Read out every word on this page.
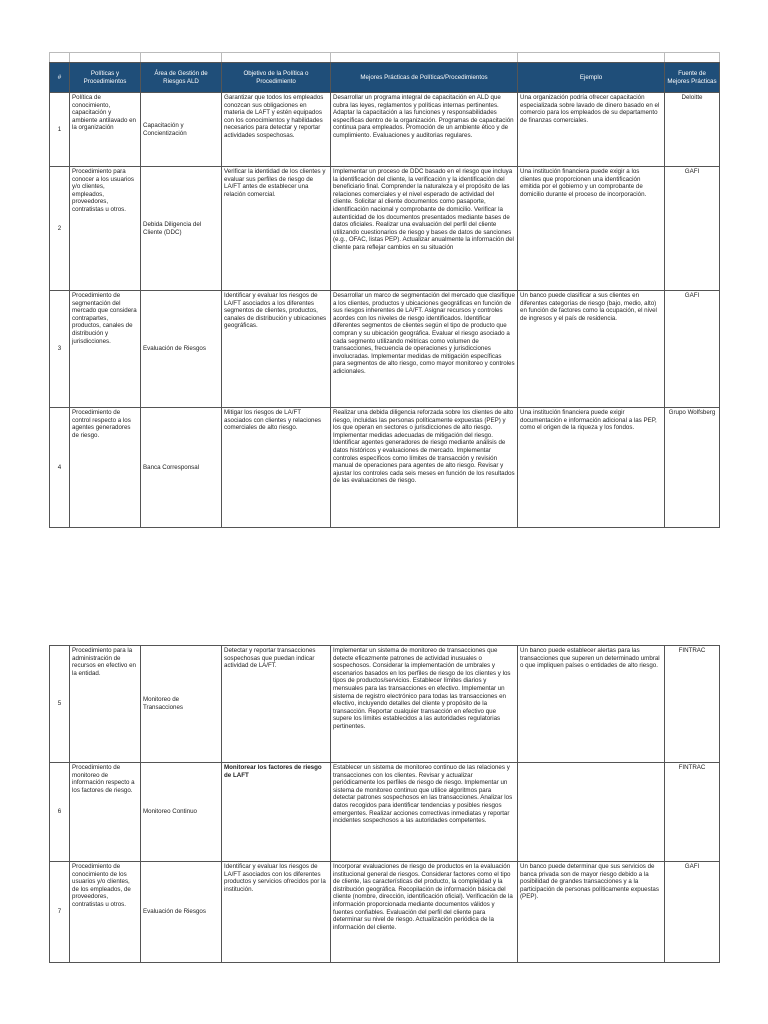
#	Políticas y Procedimientos	Área de Gestión de Riesgos ALD	Objetivo de la Política o Procedimiento	Mejores Prácticas de Políticas/Procedimientos	Ejemplo	Fuente de Mejores Prácticas
1	Política de conocimiento, capacitación y ambiente antilavado en la organización	Capacitación y Concientización	Garantizar que todos los empleados conozcan sus obligaciones en materia de LAFT y estén equipados con los conocimientos y habilidades necesarios para detectar y reportar actividades sospechosas.	Desarrollar un programa integral de capacitación en ALD que cubra las leyes, reglamentos y políticas internas pertinentes. Adaptar la capacitación a las funciones y responsabilidades específicas dentro de la organización. Programas de capacitación continua para empleados. Promoción de un ambiente ético y de cumplimiento. Evaluaciones y auditorias regulares.	Una organización podría ofrecer capacitación especializada sobre lavado de dinero basado en el comercio para los empleados de su departamento de finanzas comerciales.	Deloitte
2	Procedimiento para conocer a los usuarios y/o clientes, empleados, proveedores, contratistas u otros.	Debida Diligencia del Cliente (DDC)	Verificar la identidad de los clientes y evaluar sus perfiles de riesgo de LA/FT antes de establecer una relación comercial.	Implementar un proceso de DDC basado en el riesgo que incluya la identificación del cliente, la verificación y la identificación del beneficiario final. Comprender la naturaleza y el propósito de las relaciones comerciales y el nivel esperado de actividad del cliente. Solicitar al cliente documentos como pasaporte, identificación nacional y comprobante de domicilio. Verificar la autenticidad de los documentos presentados mediante bases de datos oficiales. Realizar una evaluación del perfil del cliente utilizando cuestionarios de riesgo y bases de datos de sanciones (e.g., OFAC, listas PEP). Actualizar anualmente la información del cliente para reflejar cambios en su situación	Una institución financiera puede exigir a los clientes que proporcionen una identificación emitida por el gobierno y un comprobante de domicilio durante el proceso de incorporación.	GAFI
3	Procedimiento de segmentación del mercado que considera contrapartes, productos, canales de distribución y jurisdicciones.	Evaluación de Riesgos	Identificar y evaluar los riesgos de LA/FT asociados a los diferentes segmentos de clientes, productos, canales de distribución y ubicaciones geográficas.	Desarrollar un marco de segmentación del mercado que clasifique a los clientes, productos y ubicaciones geográficas en función de sus riesgos inherentes de LA/FT. Asignar recursos y controles acordes con los niveles de riesgo identificados. Identificar diferentes segmentos de clientes según el tipo de producto que compran y su ubicación geográfica. Evaluar el riesgo asociado a cada segmento utilizando métricas como volumen de transacciones, frecuencia de operaciones y jurisdicciones involucradas. Implementar medidas de mitigación específicas para segmentos de alto riesgo, como mayor monitoreo y controles adicionales.	Un banco puede clasificar a sus clientes en diferentes categorías de riesgo (bajo, medio, alto) en función de factores como la ocupación, el nivel de ingresos y el país de residencia.	GAFI
4	Procedimiento de control respecto a los agentes generadores de riesgo.	Banca Corresponsal	Mitigar los riesgos de LA/FT asociados con clientes y relaciones comerciales de alto riesgo.	Realizar una debida diligencia reforzada sobre los clientes de alto riesgo, incluidas las personas políticamente expuestas (PEP) y los que operan en sectores o jurisdicciones de alto riesgo. Implementar medidas adecuadas de mitigación del riesgo. Identificar agentes generadores de riesgo mediante análisis de datos históricos y evaluaciones de mercado. Implementar controles específicos como límites de transacción y revisión manual de operaciones para agentes de alto riesgo. Revisar y ajustar los controles cada seis meses en función de los resultados de las evaluaciones de riesgo.	Una institución financiera puede exigir documentación e información adicional a las PEP, como el origen de la riqueza y los fondos.	Grupo Wolfsberg
5	Procedimiento para la administración de recursos en efectivo en la entidad.	Monitoreo de Transacciones	Detectar y reportar transacciones sospechosas que puedan indicar actividad de LA/FT.	Implementar un sistema de monitoreo de transacciones que detecte eficazmente patrones de actividad inusuales o sospechosos. Considerar la implementación de umbrales y escenarios basados en los perfiles de riesgo de los clientes y los tipos de productos/servicios. Establecer límites diarios y mensuales para las transacciones en efectivo. Implementar un sistema de registro electrónico para todas las transacciones en efectivo, incluyendo detalles del cliente y propósito de la transacción. Reportar cualquier transacción en efectivo que supere los límites establecidos a las autoridades regulatorias pertinentes.	Un banco puede establecer alertas para las transacciones que superen un determinado umbral o que impliquen países o entidades de alto riesgo.	FINTRAC
6	Procedimiento de monitoreo de información respecto a los factores de riesgo.	Monitoreo Continuo	Monitorear los factores de riesgo de LAFT	Establecer un sistema de monitoreo continuo de las relaciones y transacciones con los clientes. Revisar y actualizar periódicamente los perfiles de riesgo de riesgo. Implementar un sistema de monitoreo continuo que utilice algoritmos para detectar patrones sospechosos en las transacciones. Analizar los datos recogidos para identificar tendencias y posibles riesgos emergentes. Realizar acciones correctivas inmediatas y reportar incidentes sospechosos a las autoridades competentes.		FINTRAC
7	Procedimiento de conocimiento de los usuarios y/o clientes, de los empleados, de proveedores, contratistas u otros.	Evaluación de Riesgos	Identificar y evaluar los riesgos de LA/FT asociados con los diferentes productos y servicios ofrecidos por la institución.	Incorporar evaluaciones de riesgo de productos en la evaluación institucional general de riesgos. Considerar factores como el tipo de cliente, las características del producto, la complejidad y la distribución geográfica. Recopilación de información básica del cliente (nombre, dirección, identificación oficial). Verificación de la información proporcionada mediante documentos válidos y fuentes confiables. Evaluación del perfil del cliente para determinar su nivel de riesgo. Actualización periódica de la información del cliente.	Un banco puede determinar que sus servicios de banca privada son de mayor riesgo debido a la posibilidad de grandes transacciones y a la participación de personas políticamente expuestas (PEP).	GAFI
